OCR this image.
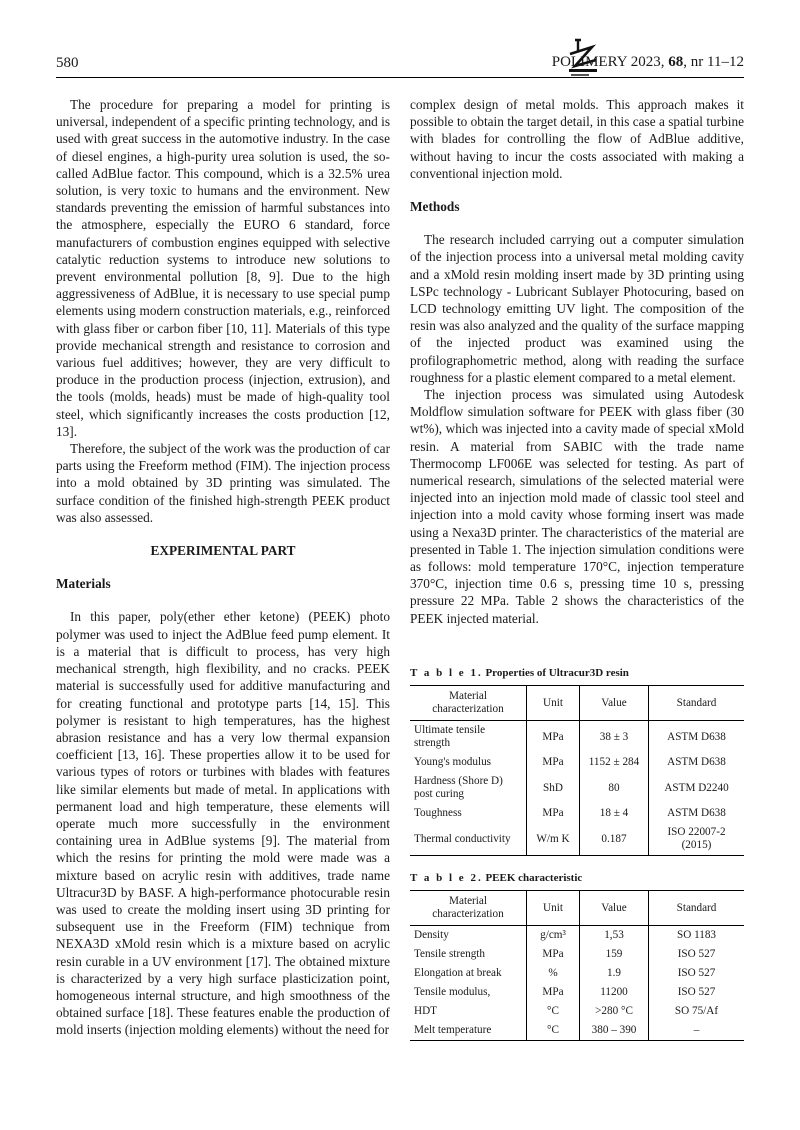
580	POLIMERY 2023, 68, nr 11–12

The procedure for preparing a model for printing is universal, independent of a specific printing technology, and is used with great success in the automotive industry. In the case of diesel engines, a high-purity urea solution is used, the so-called AdBlue factor. This compound, which is a 32.5% urea solution, is very toxic to humans and the environment. New standards preventing the emission of harmful substances into the atmosphere, especially the EURO 6 standard, force manufacturers of combustion engines equipped with selective catalytic reduction systems to introduce new solutions to prevent environmental pollution [8, 9]. Due to the high aggressiveness of AdBlue, it is necessary to use special pump elements using modern construction materials, e.g., reinforced with glass fiber or carbon fiber [10, 11]. Materials of this type provide mechanical strength and resistance to corrosion and various fuel additives; however, they are very difficult to produce in the production process (injection, extrusion), and the tools (molds, heads) must be made of high-quality tool steel, which significantly increases the costs production [12, 13].

Therefore, the subject of the work was the production of car parts using the Freeform method (FIM). The injection process into a mold obtained by 3D printing was simulated. The surface condition of the finished high-strength PEEK product was also assessed.

EXPERIMENTAL PART
Materials

In this paper, poly(ether ether ketone) (PEEK) photo polymer was used to inject the AdBlue feed pump element. It is a material that is difficult to process, has very high mechanical strength, high flexibility, and no cracks. PEEK material is successfully used for additive manufacturing and for creating functional and prototype parts [14, 15]. This polymer is resistant to high temperatures, has the highest abrasion resistance and has a very low thermal expansion coefficient [13, 16]. These properties allow it to be used for various types of rotors or turbines with blades with features like similar elements but made of metal. In applications with permanent load and high temperature, these elements will operate much more successfully in the environment containing urea in AdBlue systems [9]. The material from which the resins for printing the mold were made was a mixture based on acrylic resin with additives, trade name Ultracur3D by BASF. A high-performance photocurable resin was used to create the molding insert using 3D printing for subsequent use in the Freeform (FIM) technique from NEXA3D xMold resin which is a mixture based on acrylic resin curable in a UV environment [17]. The obtained mixture is characterized by a very high surface plasticization point, homogeneous internal structure, and high smoothness of the obtained surface [18]. These features enable the production of mold inserts (injection molding elements) without the need for

complex design of metal molds. This approach makes it possible to obtain the target detail, in this case a spatial turbine with blades for controlling the flow of AdBlue additive, without having to incur the costs associated with making a conventional injection mold.

Methods

The research included carrying out a computer simulation of the injection process into a universal metal molding cavity and a xMold resin molding insert made by 3D printing using LSPc technology - Lubricant Sublayer Photocuring, based on LCD technology emitting UV light. The composition of the resin was also analyzed and the quality of the surface mapping of the injected product was examined using the profilographometric method, along with reading the surface roughness for a plastic element compared to a metal element.

The injection process was simulated using Autodesk Moldflow simulation software for PEEK with glass fiber (30 wt%), which was injected into a cavity made of special xMold resin. A material from SABIC with the trade name Thermocomp LF006E was selected for testing. As part of numerical research, simulations of the selected material were injected into an injection mold made of classic tool steel and injection into a mold cavity whose forming insert was made using a Nexa3D printer. The characteristics of the material are presented in Table 1. The injection simulation conditions were as follows: mold temperature 170°C, injection temperature 370°C, injection time 0.6 s, pressing time 10 s, pressing pressure 22 MPa. Table 2 shows the characteristics of the PEEK injected material.

T a b l e 1. Properties of Ultracur3D resin
Material characterization	Unit	Value	Standard
Ultimate tensile strength	MPa	38 ± 3	ASTM D638
Young's modulus	MPa	1152 ± 284	ASTM D638
Hardness (Shore D) post curing	ShD	80	ASTM D2240
Toughness	MPa	18 ± 4	ASTM D638
Thermal conductivity	W/m K	0.187	ISO 22007-2 (2015)
T a b l e 2. PEEK characteristic
Material characterization	Unit	Value	Standard
Density	g/cm³	1,53	SO 1183
Tensile strength	MPa	159	ISO 527
Elongation at break	%	1.9	ISO 527
Tensile modulus,	MPa	11200	ISO 527
HDT	°C	>280 °C	SO 75/Af
Melt temperature	°C	380 – 390	–
